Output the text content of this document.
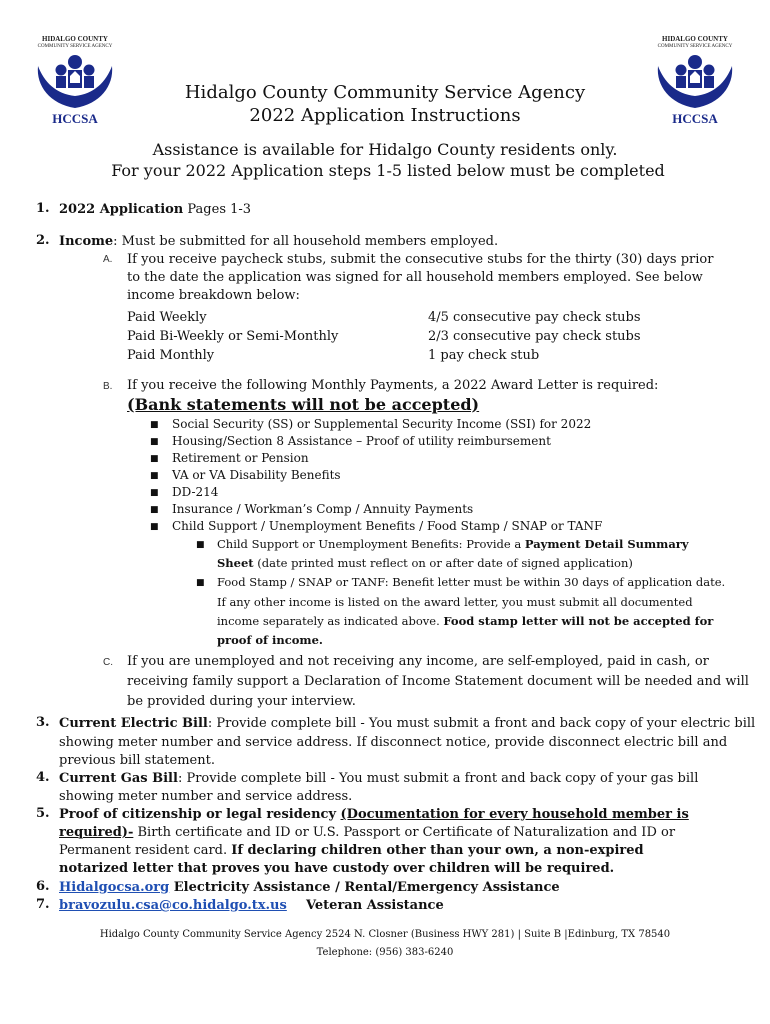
HIDALGO COUNTY
COMMUNITY SERVICE AGENCY
HCCSA
HIDALGO COUNTY
COMMUNITY SERVICE AGENCY
HCCSA
Hidalgo County Community Service Agency
2022 Application Instructions
Assistance is available for Hidalgo County residents only.
For your 2022 Application steps 1-5 listed below must be completed
1. 2022 Application Pages 1-3
2. Income: Must be submitted for all household members employed.
A. If you receive paycheck stubs, submit the consecutive stubs for the thirty (30) days prior
to the date the application was signed for all household members employed. See below
income breakdown below:
Paid Weekly	4/5 consecutive pay check stubs
Paid Bi-Weekly or Semi-Monthly	2/3 consecutive pay check stubs
Paid Monthly	1 pay check stub
B. If you receive the following Monthly Payments, a 2022 Award Letter is required:
(Bank statements will not be accepted)
■ Social Security (SS) or Supplemental Security Income (SSI) for 2022
■ Housing/Section 8 Assistance – Proof of utility reimbursement
■ Retirement or Pension
■ VA or VA Disability Benefits
■ DD-214
■ Insurance / Workman’s Comp / Annuity Payments
■ Child Support / Unemployment Benefits / Food Stamp / SNAP or TANF
■ Child Support or Unemployment Benefits: Provide a Payment Detail Summary
Sheet (date printed must reflect on or after date of signed application)
■ Food Stamp / SNAP or TANF: Benefit letter must be within 30 days of application date.
If any other income is listed on the award letter, you must submit all documented
income separately as indicated above. Food stamp letter will not be accepted for
proof of income.
C. If you are unemployed and not receiving any income, are self-employed, paid in cash, or
receiving family support a Declaration of Income Statement document will be needed and will
be provided during your interview.
3. Current Electric Bill: Provide complete bill - You must submit a front and back copy of your electric bill
showing meter number and service address. If disconnect notice, provide disconnect electric bill and
previous bill statement.
4. Current Gas Bill: Provide complete bill - You must submit a front and back copy of your gas bill
showing meter number and service address.
5. Proof of citizenship or legal residency (Documentation for every household member is
required)- Birth certificate and ID or U.S. Passport or Certificate of Naturalization and ID or
Permanent resident card. If declaring children other than your own, a non-expired
notarized letter that proves you have custody over children will be required.
6. Hidalgocsa.org Electricity Assistance / Rental/Emergency Assistance
7. bravozulu.csa@co.hidalgo.tx.us Veteran Assistance
Hidalgo County Community Service Agency 2524 N. Closner (Business HWY 281) | Suite B |Edinburg, TX 78540
Telephone: (956) 383-6240
